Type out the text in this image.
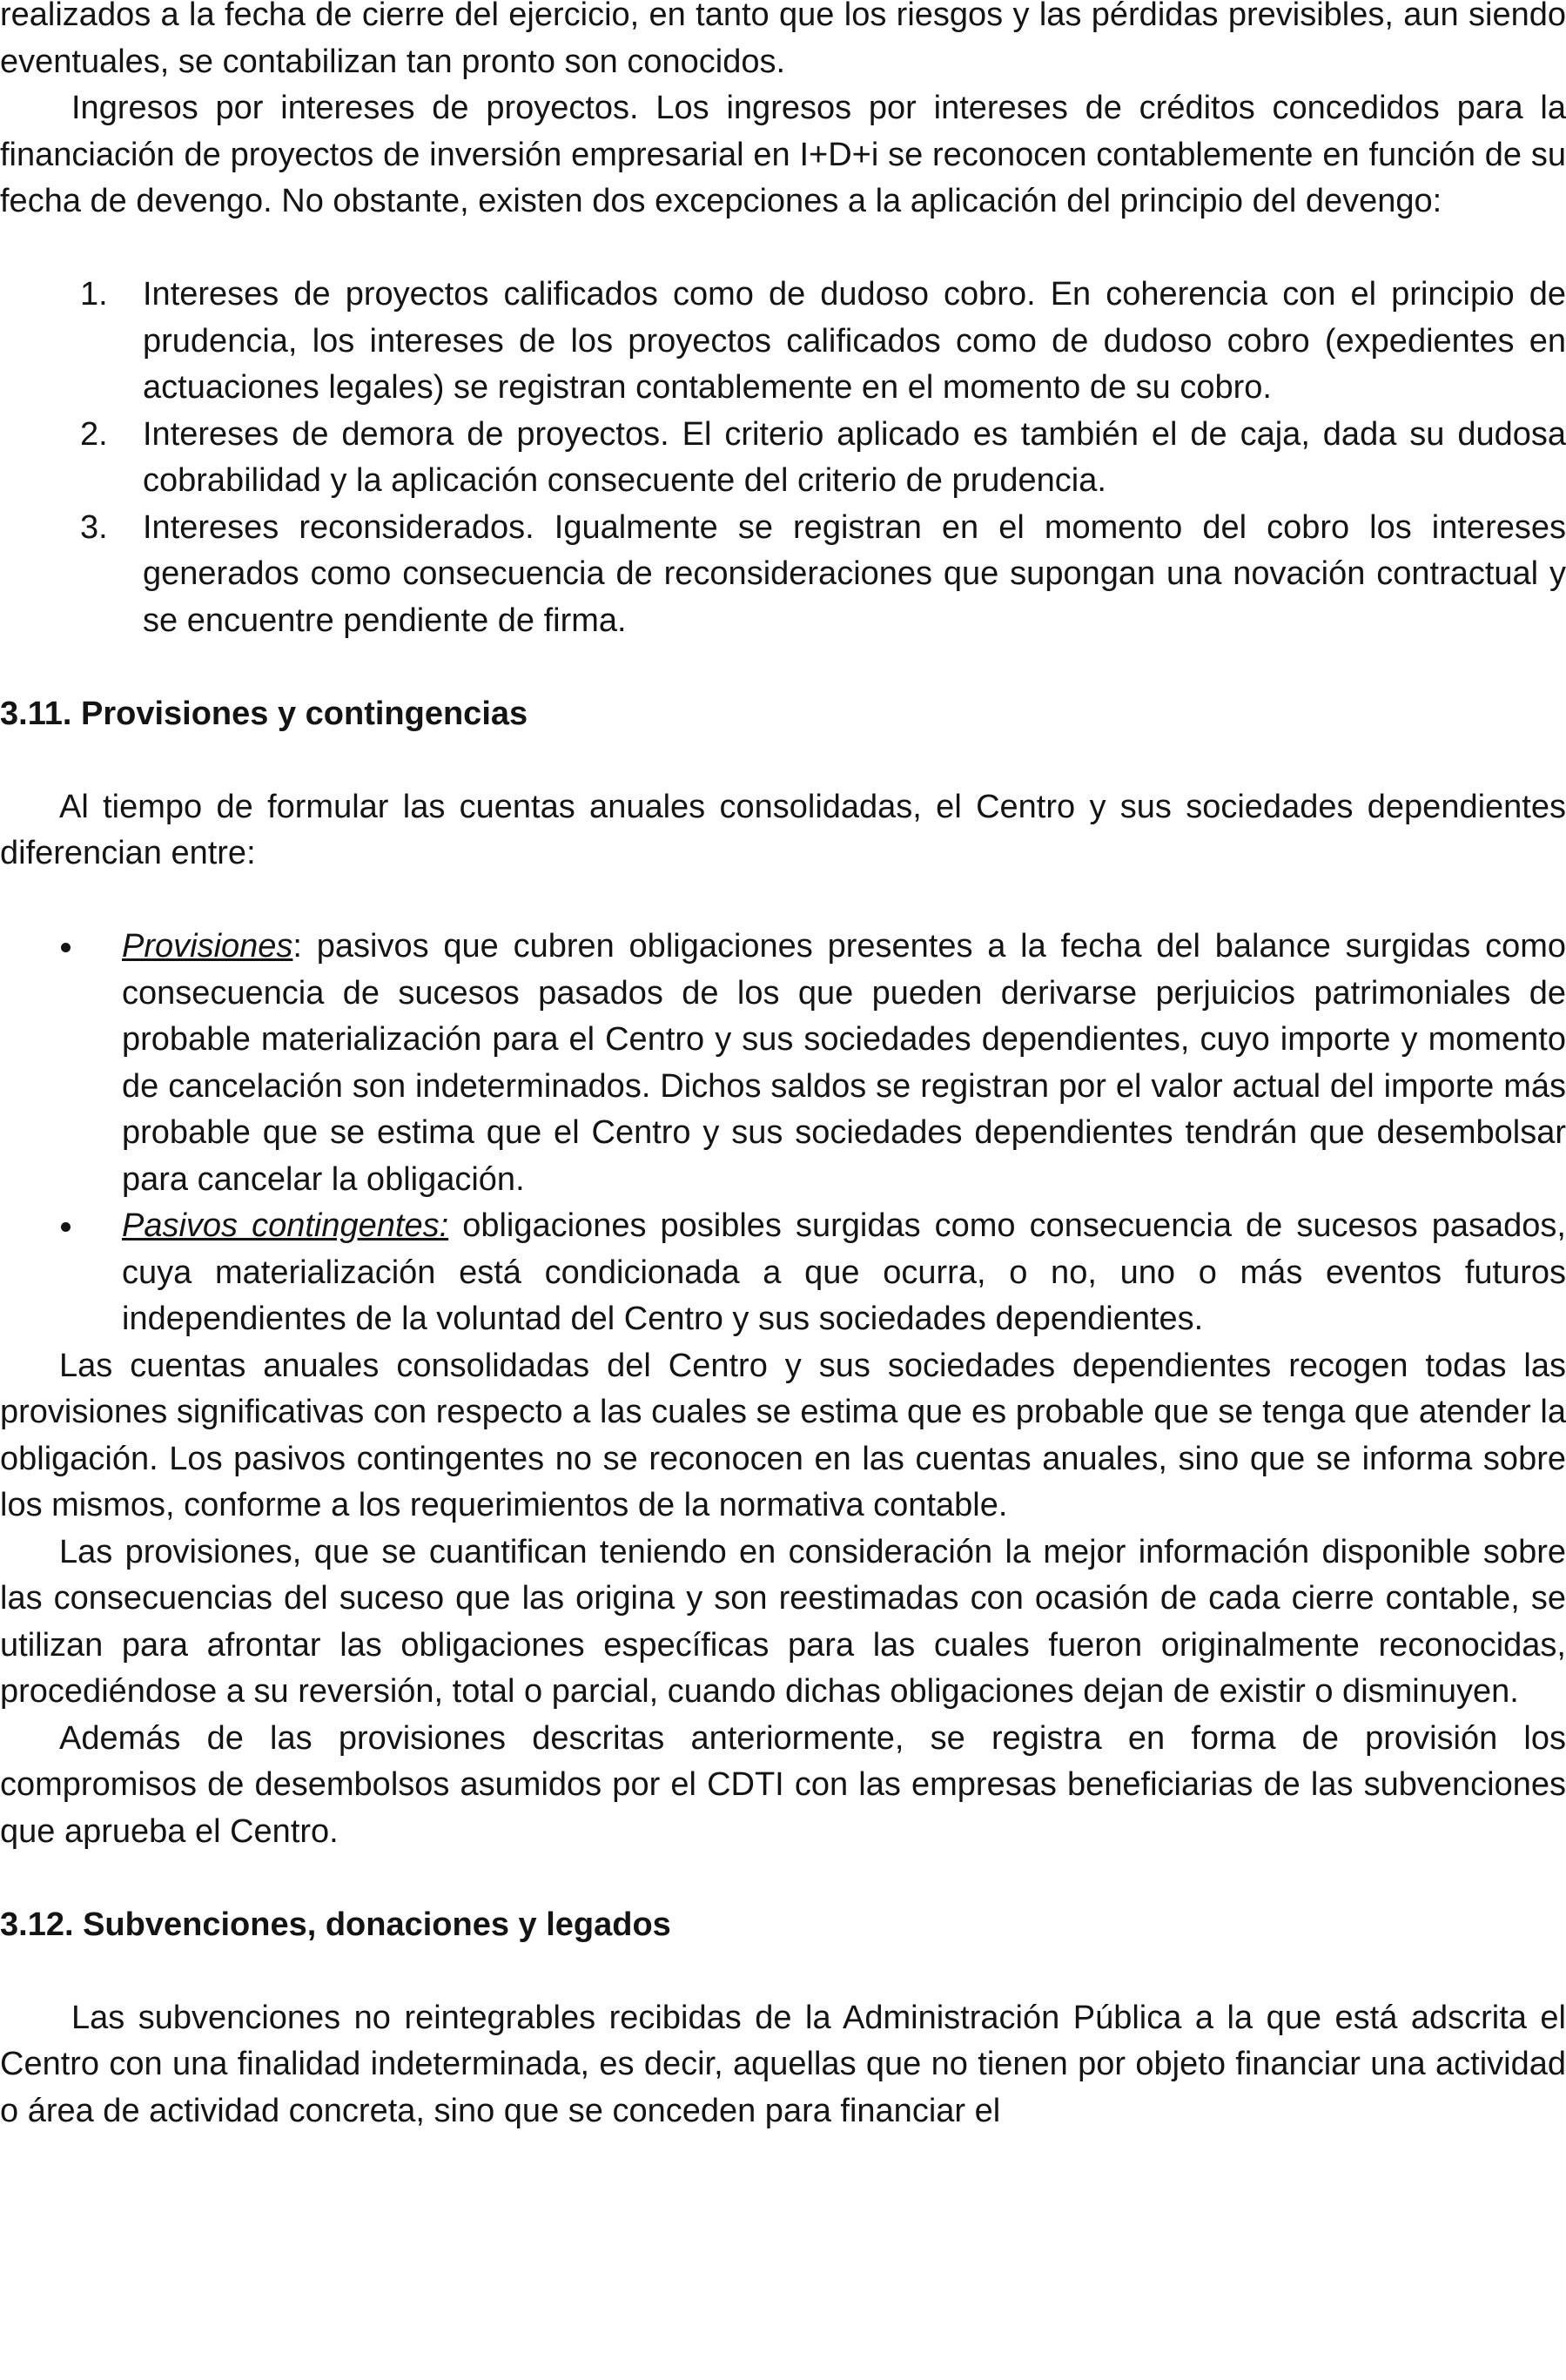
realizados a la fecha de cierre del ejercicio, en tanto que los riesgos y las pérdidas previsibles, aun siendo eventuales, se contabilizan tan pronto son conocidos.

Ingresos por intereses de proyectos. Los ingresos por intereses de créditos concedidos para la financiación de proyectos de inversión empresarial en I+D+i se reconocen contablemente en función de su fecha de devengo. No obstante, existen dos excepciones a la aplicación del principio del devengo:

1. Intereses de proyectos calificados como de dudoso cobro. En coherencia con el principio de prudencia, los intereses de los proyectos calificados como de dudoso cobro (expedientes en actuaciones legales) se registran contablemente en el momento de su cobro.
2. Intereses de demora de proyectos. El criterio aplicado es también el de caja, dada su dudosa cobrabilidad y la aplicación consecuente del criterio de prudencia.
3. Intereses reconsiderados. Igualmente se registran en el momento del cobro los intereses generados como consecuencia de reconsideraciones que supongan una novación contractual y se encuentre pendiente de firma.
3.11. Provisiones y contingencias

Al tiempo de formular las cuentas anuales consolidadas, el Centro y sus sociedades dependientes diferencian entre:

Provisiones: pasivos que cubren obligaciones presentes a la fecha del balance surgidas como consecuencia de sucesos pasados de los que pueden derivarse perjuicios patrimoniales de probable materialización para el Centro y sus sociedades dependientes, cuyo importe y momento de cancelación son indeterminados. Dichos saldos se registran por el valor actual del importe más probable que se estima que el Centro y sus sociedades dependientes tendrán que desembolsar para cancelar la obligación.
Pasivos contingentes: obligaciones posibles surgidas como consecuencia de sucesos pasados, cuya materialización está condicionada a que ocurra, o no, uno o más eventos futuros independientes de la voluntad del Centro y sus sociedades dependientes.

Las cuentas anuales consolidadas del Centro y sus sociedades dependientes recogen todas las provisiones significativas con respecto a las cuales se estima que es probable que se tenga que atender la obligación. Los pasivos contingentes no se reconocen en las cuentas anuales, sino que se informa sobre los mismos, conforme a los requerimientos de la normativa contable.

Las provisiones, que se cuantifican teniendo en consideración la mejor información disponible sobre las consecuencias del suceso que las origina y son reestimadas con ocasión de cada cierre contable, se utilizan para afrontar las obligaciones específicas para las cuales fueron originalmente reconocidas, procediéndose a su reversión, total o parcial, cuando dichas obligaciones dejan de existir o disminuyen.

Además de las provisiones descritas anteriormente, se registra en forma de provisión los compromisos de desembolsos asumidos por el CDTI con las empresas beneficiarias de las subvenciones que aprueba el Centro.

3.12. Subvenciones, donaciones y legados

Las subvenciones no reintegrables recibidas de la Administración Pública a la que está adscrita el Centro con una finalidad indeterminada, es decir, aquellas que no tienen por objeto financiar una actividad o área de actividad concreta, sino que se conceden para financiar el
